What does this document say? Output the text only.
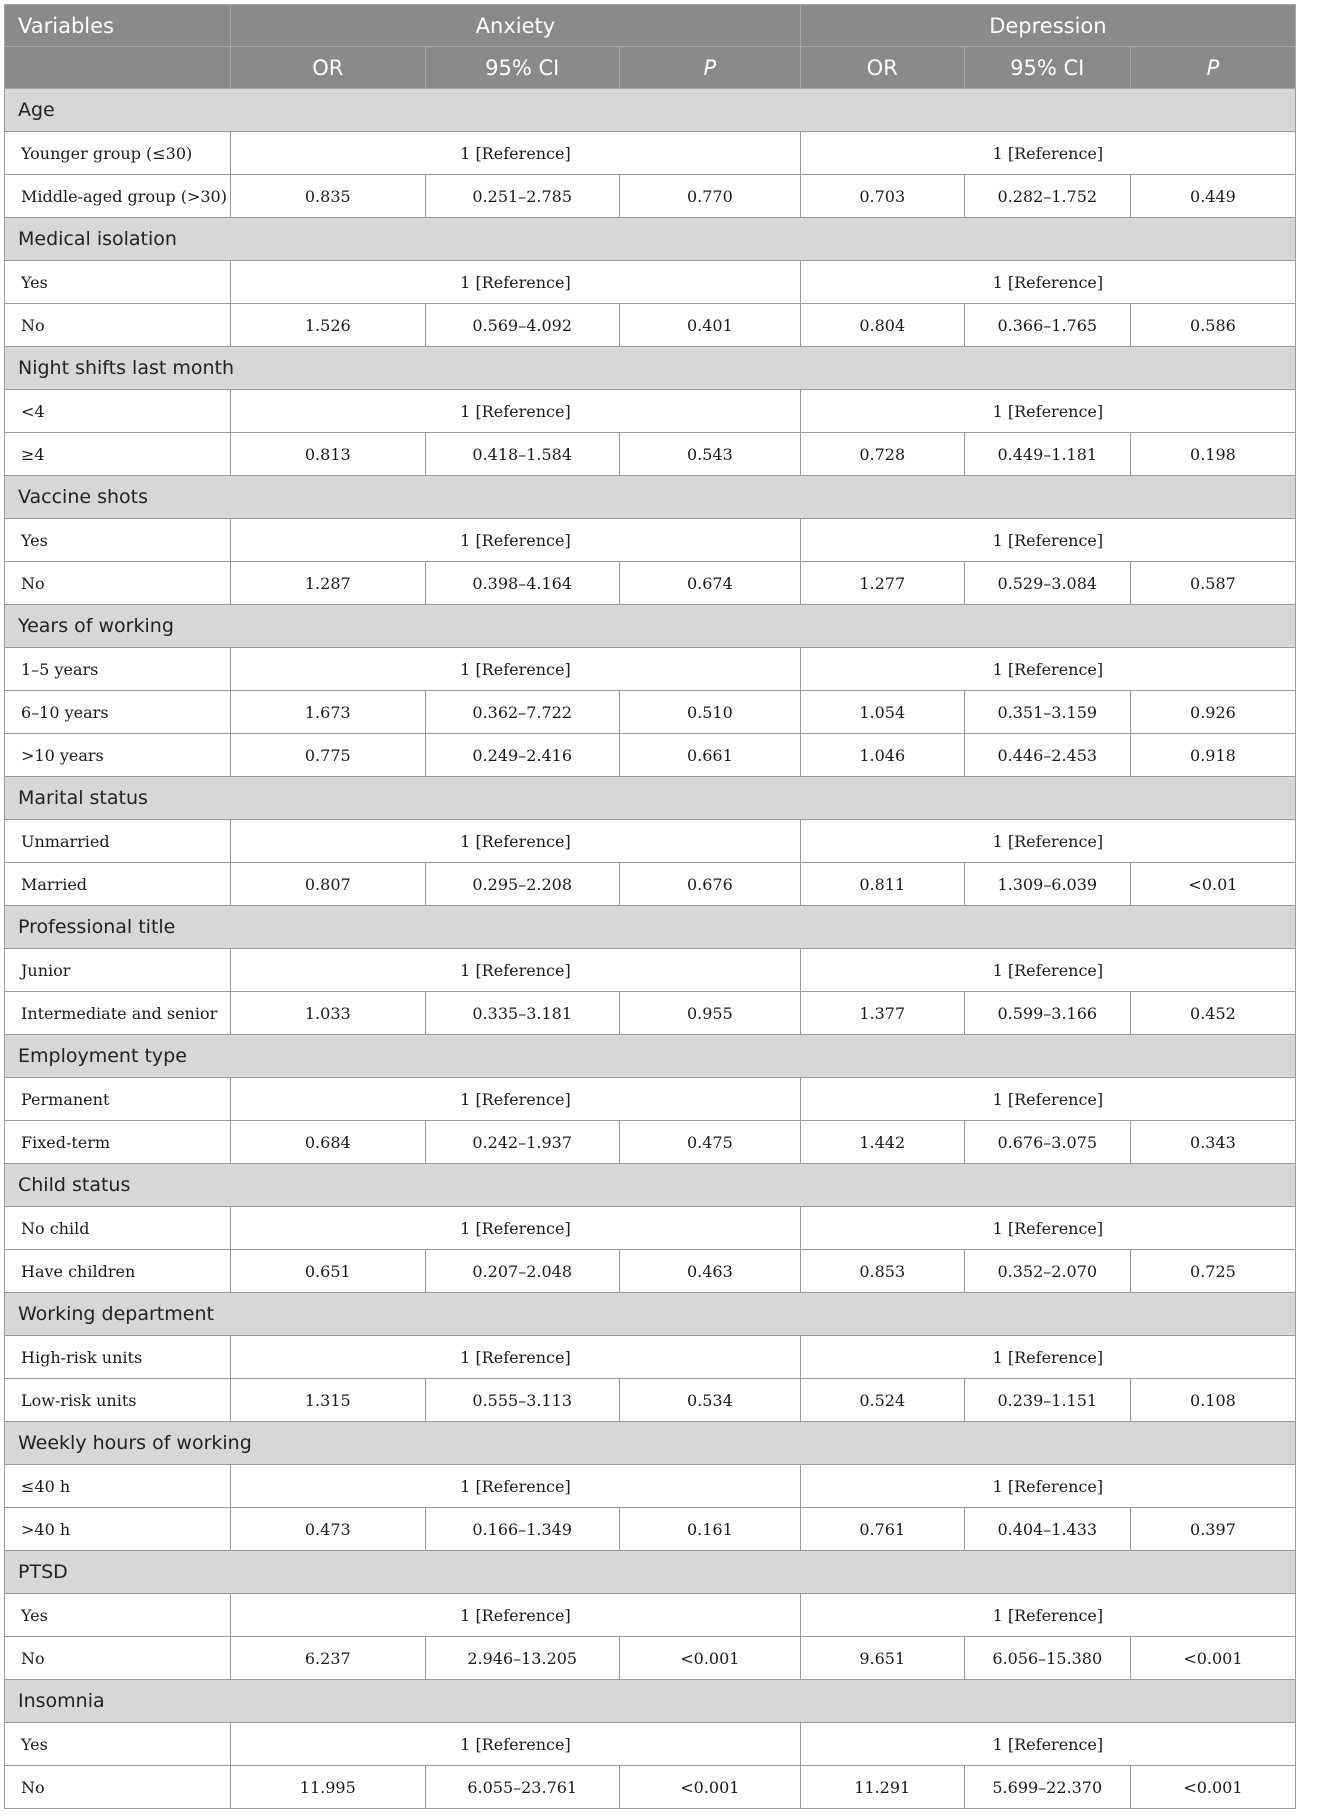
Variables	Anxiety			Depression		
	OR	95% CI	P	OR	95% CI	P
Age						
Younger group (≤30)	1 [Reference]			1 [Reference]		
Middle-aged group (>30)	0.835	0.251–2.785	0.770	0.703	0.282–1.752	0.449
Medical isolation						
Yes	1 [Reference]			1 [Reference]		
No	1.526	0.569–4.092	0.401	0.804	0.366–1.765	0.586
Night shifts last month						
<4	1 [Reference]			1 [Reference]		
≥4	0.813	0.418–1.584	0.543	0.728	0.449–1.181	0.198
Vaccine shots						
Yes	1 [Reference]			1 [Reference]		
No	1.287	0.398–4.164	0.674	1.277	0.529–3.084	0.587
Years of working						
1–5 years	1 [Reference]			1 [Reference]		
6–10 years	1.673	0.362–7.722	0.510	1.054	0.351–3.159	0.926
>10 years	0.775	0.249–2.416	0.661	1.046	0.446–2.453	0.918
Marital status						
Unmarried	1 [Reference]			1 [Reference]		
Married	0.807	0.295–2.208	0.676	0.811	1.309–6.039	<0.01
Professional title						
Junior	1 [Reference]			1 [Reference]		
Intermediate and senior	1.033	0.335–3.181	0.955	1.377	0.599–3.166	0.452
Employment type						
Permanent	1 [Reference]			1 [Reference]		
Fixed-term	0.684	0.242–1.937	0.475	1.442	0.676–3.075	0.343
Child status						
No child	1 [Reference]			1 [Reference]		
Have children	0.651	0.207–2.048	0.463	0.853	0.352–2.070	0.725
Working department						
High-risk units	1 [Reference]			1 [Reference]		
Low-risk units	1.315	0.555–3.113	0.534	0.524	0.239–1.151	0.108
Weekly hours of working						
≤40 h	1 [Reference]			1 [Reference]		
>40 h	0.473	0.166–1.349	0.161	0.761	0.404–1.433	0.397
PTSD						
Yes	1 [Reference]			1 [Reference]		
No	6.237	2.946–13.205	<0.001	9.651	6.056–15.380	<0.001
Insomnia						
Yes	1 [Reference]			1 [Reference]		
No	11.995	6.055–23.761	<0.001	11.291	5.699–22.370	<0.001
